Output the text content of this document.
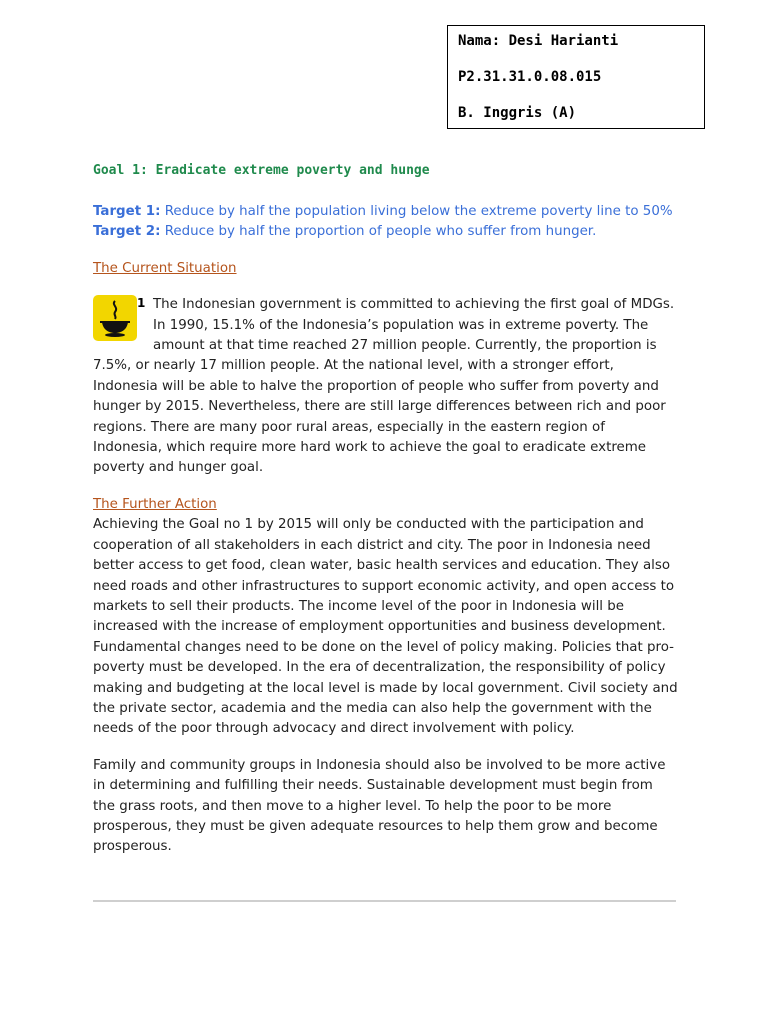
Nama: Desi Harianti
P2.31.31.0.08.015
B. Inggris (A)

Goal 1: Eradicate extreme poverty and hunge

Target 1: Reduce by half the population living below the extreme poverty line to 50%

Target 2: Reduce by half the proportion of people who suffer from hunger.

The Current Situation

1 The Indonesian government is committed to achieving the first goal of MDGs. In 1990, 15.1% of the Indonesia’s population was in extreme poverty. The amount at that time reached 27 million people. Currently, the proportion is 7.5%, or nearly 17 million people. At the national level, with a stronger effort, Indonesia will be able to halve the proportion of people who suffer from poverty and hunger by 2015. Nevertheless, there are still large differences between rich and poor regions. There are many poor rural areas, especially in the eastern region of Indonesia, which require more hard work to achieve the goal to eradicate extreme poverty and hunger goal.

The Further Action

Achieving the Goal no 1 by 2015 will only be conducted with the participation and cooperation of all stakeholders in each district and city. The poor in Indonesia need better access to get food, clean water, basic health services and education. They also need roads and other infrastructures to support economic activity, and open access to markets to sell their products. The income level of the poor in Indonesia will be increased with the increase of employment opportunities and business development. Fundamental changes need to be done on the level of policy making. Policies that pro-poverty must be developed. In the era of decentralization, the responsibility of policy making and budgeting at the local level is made by local government. Civil society and the private sector, academia and the media can also help the government with the needs of the poor through advocacy and direct involvement with policy.

Family and community groups in Indonesia should also be involved to be more active in determining and fulfilling their needs. Sustainable development must begin from the grass roots, and then move to a higher level. To help the poor to be more prosperous, they must be given adequate resources to help them grow and become prosperous.
